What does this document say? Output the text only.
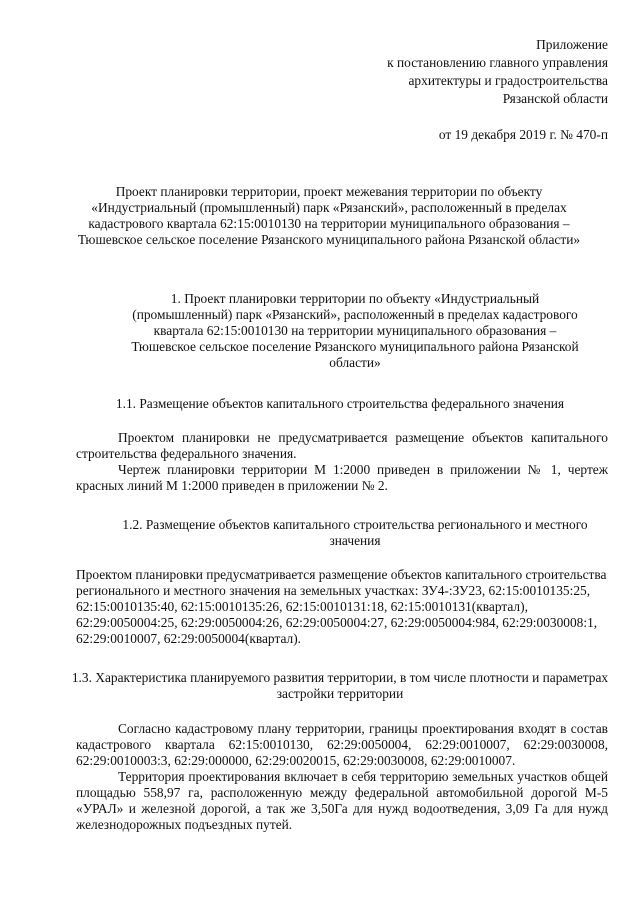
Приложение
к постановлению главного управления
архитектуры и градостроительства
Рязанской области
от 19 декабря 2019 г. № 470-п

Проект планировки территории, проект межевания территории по объекту «Индустриальный (промышленный) парк «Рязанский», расположенный в пределах кадастрового квартала 62:15:0010130 на территории муниципального образования – Тюшевское сельское поселение Рязанского муниципального района Рязанской области»

1. Проект планировки территории по объекту «Индустриальный (промышленный) парк «Рязанский», расположенный в пределах кадастрового квартала 62:15:0010130 на территории муниципального образования – Тюшевское сельское поселение Рязанского муниципального района Рязанской области»

1.1. Размещение объектов капитального строительства федерального значения

Проектом планировки не предусматривается размещение объектов капитального строительства федерального значения.

Чертеж планировки территории М 1:2000 приведен в приложении № 1, чертеж красных линий М 1:2000 приведен в приложении № 2.

1.2. Размещение объектов капитального строительства регионального и местного значения

Проектом планировки предусматривается размещение объектов капитального строительства регионального и местного значения на земельных участках: ЗУ4-:ЗУ23, 62:15:0010135:25, 62:15:0010135:40, 62:15:0010135:26, 62:15:0010131:18, 62:15:0010131(квартал), 62:29:0050004:25, 62:29:0050004:26, 62:29:0050004:27, 62:29:0050004:984, 62:29:0030008:1, 62:29:0010007, 62:29:0050004(квартал).

1.3. Характеристика планируемого развития территории, в том числе плотности и параметрах застройки территории

Согласно кадастровому плану территории, границы проектирования входят в состав кадастрового квартала 62:15:0010130, 62:29:0050004, 62:29:0010007, 62:29:0030008, 62:29:0010003:3, 62:29:000000, 62:29:0020015, 62:29:0030008, 62:29:0010007.

Территория проектирования включает в себя территорию земельных участков общей площадью 558,97 га, расположенную между федеральной автомобильной дорогой М-5 «УРАЛ» и железной дорогой, а так же 3,50Га для нужд водоотведения, 3,09 Га для нужд железнодорожных подъездных путей.
